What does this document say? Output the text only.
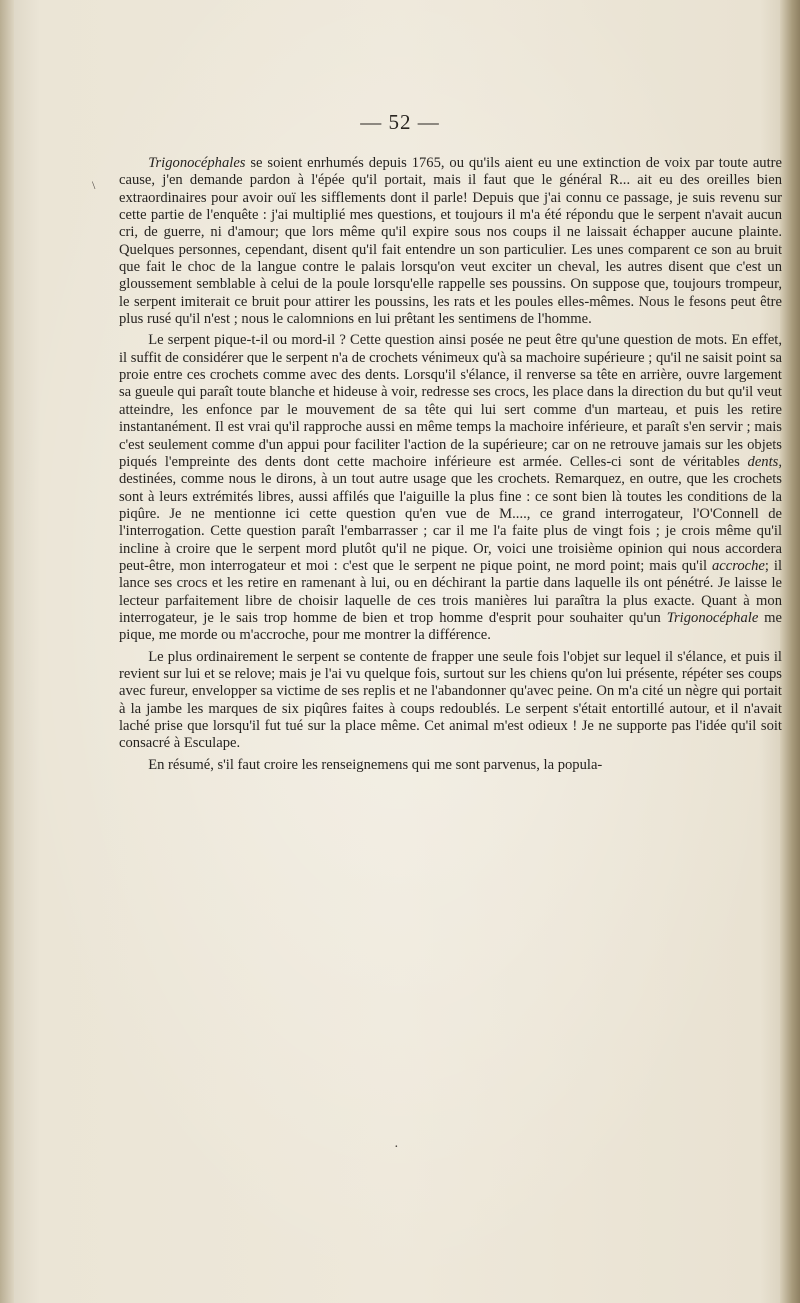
— 52 —
\

Trigonocéphales se soient enrhumés depuis 1765, ou qu'ils aient eu une extinction de voix par toute autre cause, j'en demande pardon à l'épée qu'il portait, mais il faut que le général R... ait eu des oreilles bien extraordinaires pour avoir ouï les sifflements dont il parle! Depuis que j'ai connu ce passage, je suis revenu sur cette partie de l'enquête : j'ai multiplié mes questions, et toujours il m'a été répondu que le serpent n'avait aucun cri, de guerre, ni d'amour; que lors même qu'il expire sous nos coups il ne laissait échapper aucune plainte. Quelques personnes, cependant, disent qu'il fait entendre un son particulier. Les unes comparent ce son au bruit que fait le choc de la langue contre le palais lorsqu'on veut exciter un cheval, les autres disent que c'est un gloussement semblable à celui de la poule lorsqu'elle rappelle ses poussins. On suppose que, toujours trompeur, le serpent imiterait ce bruit pour attirer les poussins, les rats et les poules elles-mêmes. Nous le fesons peut être plus rusé qu'il n'est ; nous le calomnions en lui prêtant les sentimens de l'homme.

Le serpent pique-t-il ou mord-il ? Cette question ainsi posée ne peut être qu'une question de mots. En effet, il suffit de considérer que le serpent n'a de crochets vénimeux qu'à sa machoire supérieure ; qu'il ne saisit point sa proie entre ces crochets comme avec des dents. Lorsqu'il s'élance, il renverse sa tête en arrière, ouvre largement sa gueule qui paraît toute blanche et hideuse à voir, redresse ses crocs, les place dans la direction du but qu'il veut atteindre, les enfonce par le mouvement de sa tête qui lui sert comme d'un marteau, et puis les retire instantanément. Il est vrai qu'il rapproche aussi en même temps la machoire inférieure, et paraît s'en servir ; mais c'est seulement comme d'un appui pour faciliter l'action de la supérieure; car on ne retrouve jamais sur les objets piqués l'empreinte des dents dont cette machoire inférieure est armée. Celles-ci sont de véritables dents, destinées, comme nous le dirons, à un tout autre usage que les crochets. Remarquez, en outre, que les crochets sont à leurs extrémités libres, aussi affilés que l'aiguille la plus fine : ce sont bien là toutes les conditions de la piqûre. Je ne mentionne ici cette question qu'en vue de M...., ce grand interrogateur, l'O'Connell de l'interrogation. Cette question paraît l'embarrasser ; car il me l'a faite plus de vingt fois ; je crois même qu'il incline à croire que le serpent mord plutôt qu'il ne pique. Or, voici une troisième opinion qui nous accordera peut-être, mon interrogateur et moi : c'est que le serpent ne pique point, ne mord point; mais qu'il accroche; il lance ses crocs et les retire en ramenant à lui, ou en déchirant la partie dans laquelle ils ont pénétré. Je laisse le lecteur parfaitement libre de choisir laquelle de ces trois manières lui paraîtra la plus exacte. Quant à mon interrogateur, je le sais trop homme de bien et trop homme d'esprit pour souhaiter qu'un Trigonocéphale me pique, me morde ou m'accroche, pour me montrer la différence.

Le plus ordinairement le serpent se contente de frapper une seule fois l'objet sur lequel il s'élance, et puis il revient sur lui et se relove; mais je l'ai vu quelque fois, surtout sur les chiens qu'on lui présente, répéter ses coups avec fureur, envelopper sa victime de ses replis et ne l'abandonner qu'avec peine. On m'a cité un nègre qui portait à la jambe les marques de six piqûres faites à coups redoublés. Le serpent s'était entortillé autour, et il n'avait laché prise que lorsqu'il fut tué sur la place même. Cet animal m'est odieux ! Je ne supporte pas l'idée qu'il soit consacré à Esculape.

En résumé, s'il faut croire les renseignemens qui me sont parvenus, la popula-

·
